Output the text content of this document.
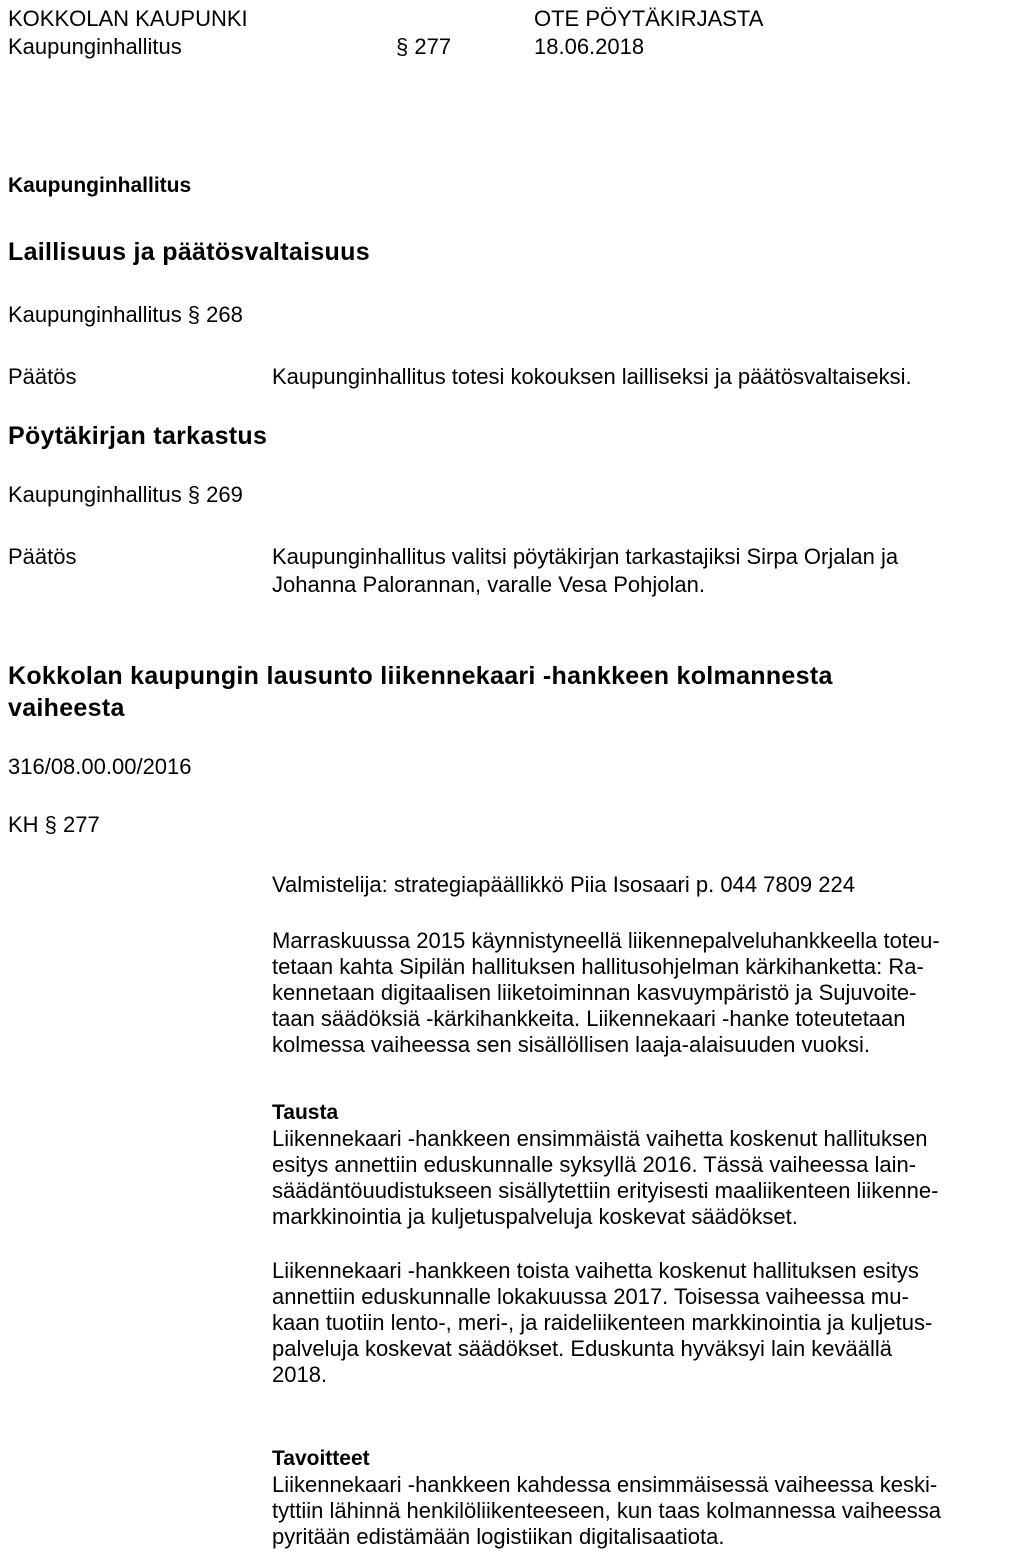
KOKKOLAN KAUPUNKI
Kaupunginhallitus	§ 277
OTE PÖYTÄKIRJASTA
18.06.2018
Kaupunginhallitus
Laillisuus ja päätösvaltaisuus
Kaupunginhallitus § 268
Päätös	Kaupunginhallitus totesi kokouksen lailliseksi ja päätösvaltaiseksi.
Pöytäkirjan tarkastus
Kaupunginhallitus § 269
Päätös	Kaupunginhallitus valitsi pöytäkirjan tarkastajiksi Sirpa Orjalan ja
Johanna Palorannan, varalle Vesa Pohjolan.
Kokkolan kaupungin lausunto liikennekaari -hankkeen kolmannesta
vaiheesta
316/08.00.00/2016
KH § 277
Valmistelija: strategiapäällikkö Piia Isosaari p. 044 7809 224
Marraskuussa 2015 käynnistyneellä liikennepalveluhankkeella toteu-
tetaan kahta Sipilän hallituksen hallitusohjelman kärkihanketta: Ra-
kennetaan digitaalisen liiketoiminnan kasvuympäristö ja Sujuvoite-
taan säädöksiä -kärkihankkeita. Liikennekaari -hanke toteutetaan
kolmessa vaiheessa sen sisällöllisen laaja-alaisuuden vuoksi.
Tausta
Liikennekaari -hankkeen ensimmäistä vaihetta koskenut hallituksen
esitys annettiin eduskunnalle syksyllä 2016. Tässä vaiheessa lain-
säädäntöuudistukseen sisällytettiin erityisesti maaliikenteen liikenne-
markkinointia ja kuljetuspalveluja koskevat säädökset.
Liikennekaari -hankkeen toista vaihetta koskenut hallituksen esitys
annettiin eduskunnalle lokakuussa 2017. Toisessa vaiheessa mu-
kaan tuotiin lento-, meri-, ja raideliikenteen markkinointia ja kuljetus-
palveluja koskevat säädökset. Eduskunta hyväksyi lain keväällä
2018.
Tavoitteet
Liikennekaari -hankkeen kahdessa ensimmäisessä vaiheessa keski-
tyttiin lähinnä henkilöliikenteeseen, kun taas kolmannessa vaiheessa
pyritään edistämään logistiikan digitalisaatiota.
